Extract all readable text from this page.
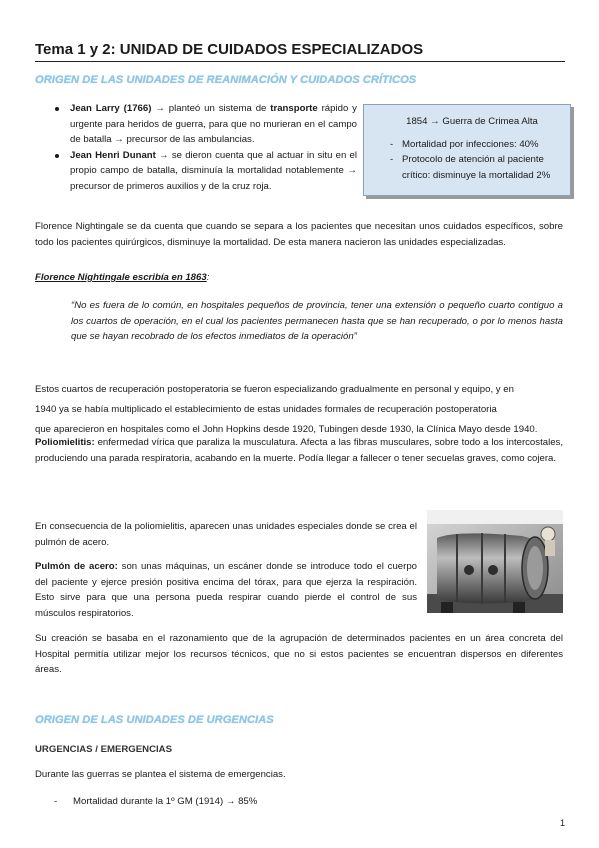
Tema 1 y 2: UNIDAD DE CUIDADOS ESPECIALIZADOS
ORIGEN DE LAS UNIDADES DE REANIMACIÓN Y CUIDADOS CRÍTICOS
Jean Larry (1766) → planteó un sistema de transporte rápido y urgente para heridos de guerra, para que no murieran en el campo de batalla → precursor de las ambulancias.
Jean Henri Dunant → se dieron cuenta que al actuar in situ en el propio campo de batalla, disminuía la mortalidad notablemente → precursor de primeros auxilios y de la cruz roja.
1854 → Guerra de Crimea Alta
- Mortalidad por infecciones: 40%
- Protocolo de atención al paciente crítico: disminuye la mortalidad 2%
Florence Nightingale se da cuenta que cuando se separa a los pacientes que necesitan unos cuidados específicos, sobre todo los pacientes quirúrgicos, disminuye la mortalidad. De esta manera nacieron las unidades especializadas.
Florence Nightingale escribía en 1863:
“No es fuera de lo común, en hospitales pequeños de provincia, tener una extensión o pequeño cuarto contiguo a los cuartos de operación, en el cual los pacientes permanecen hasta que se han recuperado, o por lo menos hasta que se hayan recobrado de los efectos inmediatos de la operación”
Estos cuartos de recuperación postoperatoria se fueron especializando gradualmente en personal y equipo, y en
1940 ya se había multiplicado el establecimiento de estas unidades formales de recuperación postoperatoria
que aparecieron en hospitales como el John Hopkins desde 1920, Tubingen desde 1930, la Clínica Mayo desde 1940.
Poliomielitis: enfermedad vírica que paraliza la musculatura. Afecta a las fibras musculares, sobre todo a los intercostales, produciendo una parada respiratoria, acabando en la muerte. Podía llegar a fallecer o tener secuelas graves, como cojera.
En consecuencia de la poliomielitis, aparecen unas unidades especiales donde se crea el pulmón de acero.
Pulmón de acero: son unas máquinas, un escáner donde se introduce todo el cuerpo del paciente y ejerce presión positiva encima del tórax, para que ejerza la respiración. Esto sirve para que una persona pueda respirar cuando pierde el control de sus músculos respiratorios.
Su creación se basaba en el razonamiento que de la agrupación de determinados pacientes en un área concreta del Hospital permitía utilizar mejor los recursos técnicos, que no si estos pacientes se encuentran dispersos en diferentes áreas.
ORIGEN DE LAS UNIDADES DE URGENCIAS
URGENCIAS / EMERGENCIAS
Durante las guerras se plantea el sistema de emergencias.
- Mortalidad durante la 1º GM (1914) → 85%
1
